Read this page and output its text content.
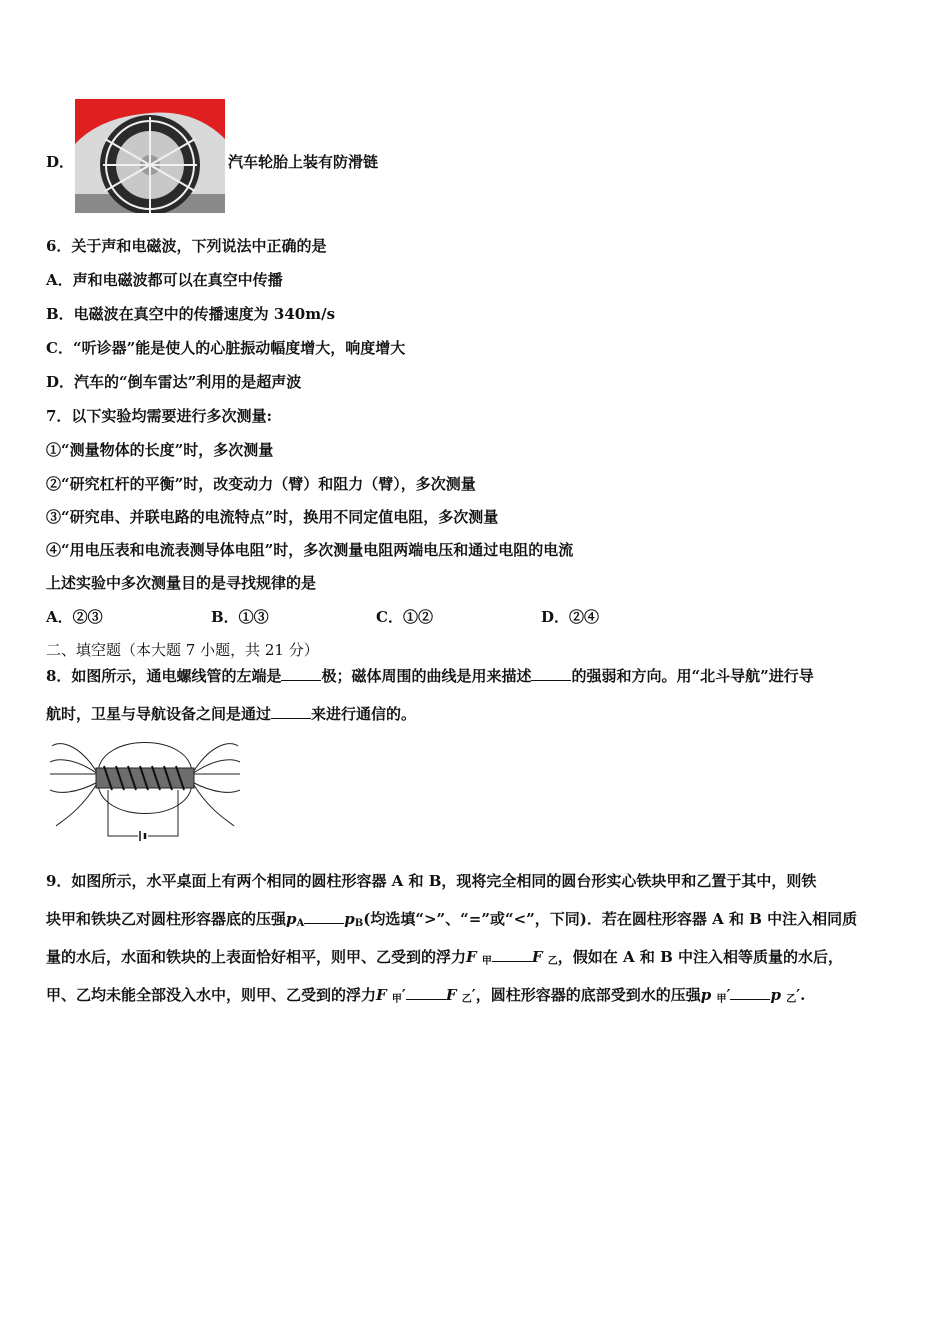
D．	汽车轮胎上装有防滑链
6．关于声和电磁波，下列说法中正确的是
A．声和电磁波都可以在真空中传播
B．电磁波在真空中的传播速度为 340m/s
C．“听诊器”能是使人的心脏振动幅度增大，响度增大
D．汽车的“倒车雷达”利用的是超声波
7．以下实验均需要进行多次测量:
①“测量物体的长度”时，多次测量
②“研究杠杆的平衡”时，改变动力（臂）和阻力（臂），多次测量
③“研究串、并联电路的电流特点”时，换用不同定值电阻，多次测量
④“用电压表和电流表测导体电阻”时，多次测量电阻两端电压和通过电阻的电流
上述实验中多次测量目的是寻找规律的是
A．②③	B．①③	C．①②	D．②④
二、填空题（本大题 7 小题，共 21 分）
8．如图所示，通电螺线管的左端是	极；磁体周围的曲线是用来描述	的强弱和方向。用“北斗导航”进行导
航时，卫星与导航设备之间是通过	来进行通信的。
9．如图所示，水平桌面上有两个相同的圆柱形容器 A 和 B，现将完全相同的圆台形实心铁块甲和乙置于其中，则铁
块甲和铁块乙对圆柱形容器底的压强$p_A$	$p_B$(均选填“>”、“=”或“<”，下同)．若在圆柱形容器 A 和 B 中注入相同质
量的水后，水面和铁块的上表面恰好相平，则甲、乙受到的浮力F $_甲$	F $_乙$，假如在 A 和 B 中注入相等质量的水后，
甲、乙均未能全部没入水中，则甲、乙受到的浮力F $_甲$′	F $_乙$′，圆柱形容器的底部受到水的压强p $_甲$′	p $_乙$′.
